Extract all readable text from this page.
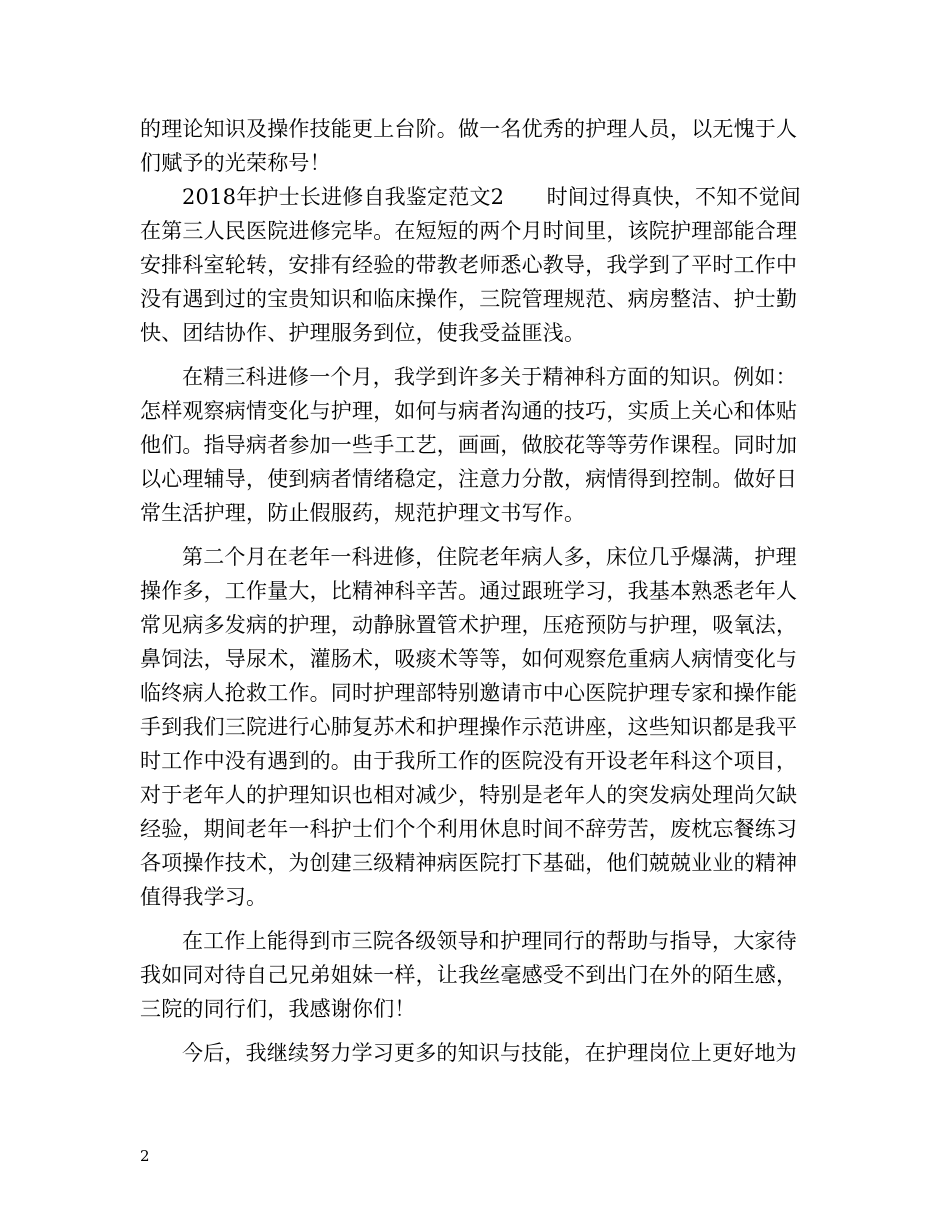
的理论知识及操作技能更上台阶。做一名优秀的护理人员，以无愧于人
们赋予的光荣称号！
2018年护士长进修自我鉴定范文2　　时间过得真快，不知不觉间
在第三人民医院进修完毕。在短短的两个月时间里，该院护理部能合理
安排科室轮转，安排有经验的带教老师悉心教导，我学到了平时工作中
没有遇到过的宝贵知识和临床操作，三院管理规范、病房整洁、护士勤
快、团结协作、护理服务到位，使我受益匪浅。
在精三科进修一个月，我学到许多关于精神科方面的知识。例如：
怎样观察病情变化与护理，如何与病者沟通的技巧，实质上关心和体贴
他们。指导病者参加一些手工艺，画画，做胶花等等劳作课程。同时加
以心理辅导，使到病者情绪稳定，注意力分散，病情得到控制。做好日
常生活护理，防止假服药，规范护理文书写作。
第二个月在老年一科进修，住院老年病人多，床位几乎爆满，护理
操作多，工作量大，比精神科辛苦。通过跟班学习，我基本熟悉老年人
常见病多发病的护理，动静脉置管术护理，压疮预防与护理，吸氧法，
鼻饲法，导尿术，灌肠术，吸痰术等等，如何观察危重病人病情变化与
临终病人抢救工作。同时护理部特别邀请市中心医院护理专家和操作能
手到我们三院进行心肺复苏术和护理操作示范讲座，这些知识都是我平
时工作中没有遇到的。由于我所工作的医院没有开设老年科这个项目，
对于老年人的护理知识也相对减少，特别是老年人的突发病处理尚欠缺
经验，期间老年一科护士们个个利用休息时间不辞劳苦，废枕忘餐练习
各项操作技术，为创建三级精神病医院打下基础，他们兢兢业业的精神
值得我学习。
在工作上能得到市三院各级领导和护理同行的帮助与指导，大家待
我如同对待自己兄弟姐妹一样，让我丝毫感受不到出门在外的陌生感，
三院的同行们，我感谢你们！
今后，我继续努力学习更多的知识与技能，在护理岗位上更好地为
2
